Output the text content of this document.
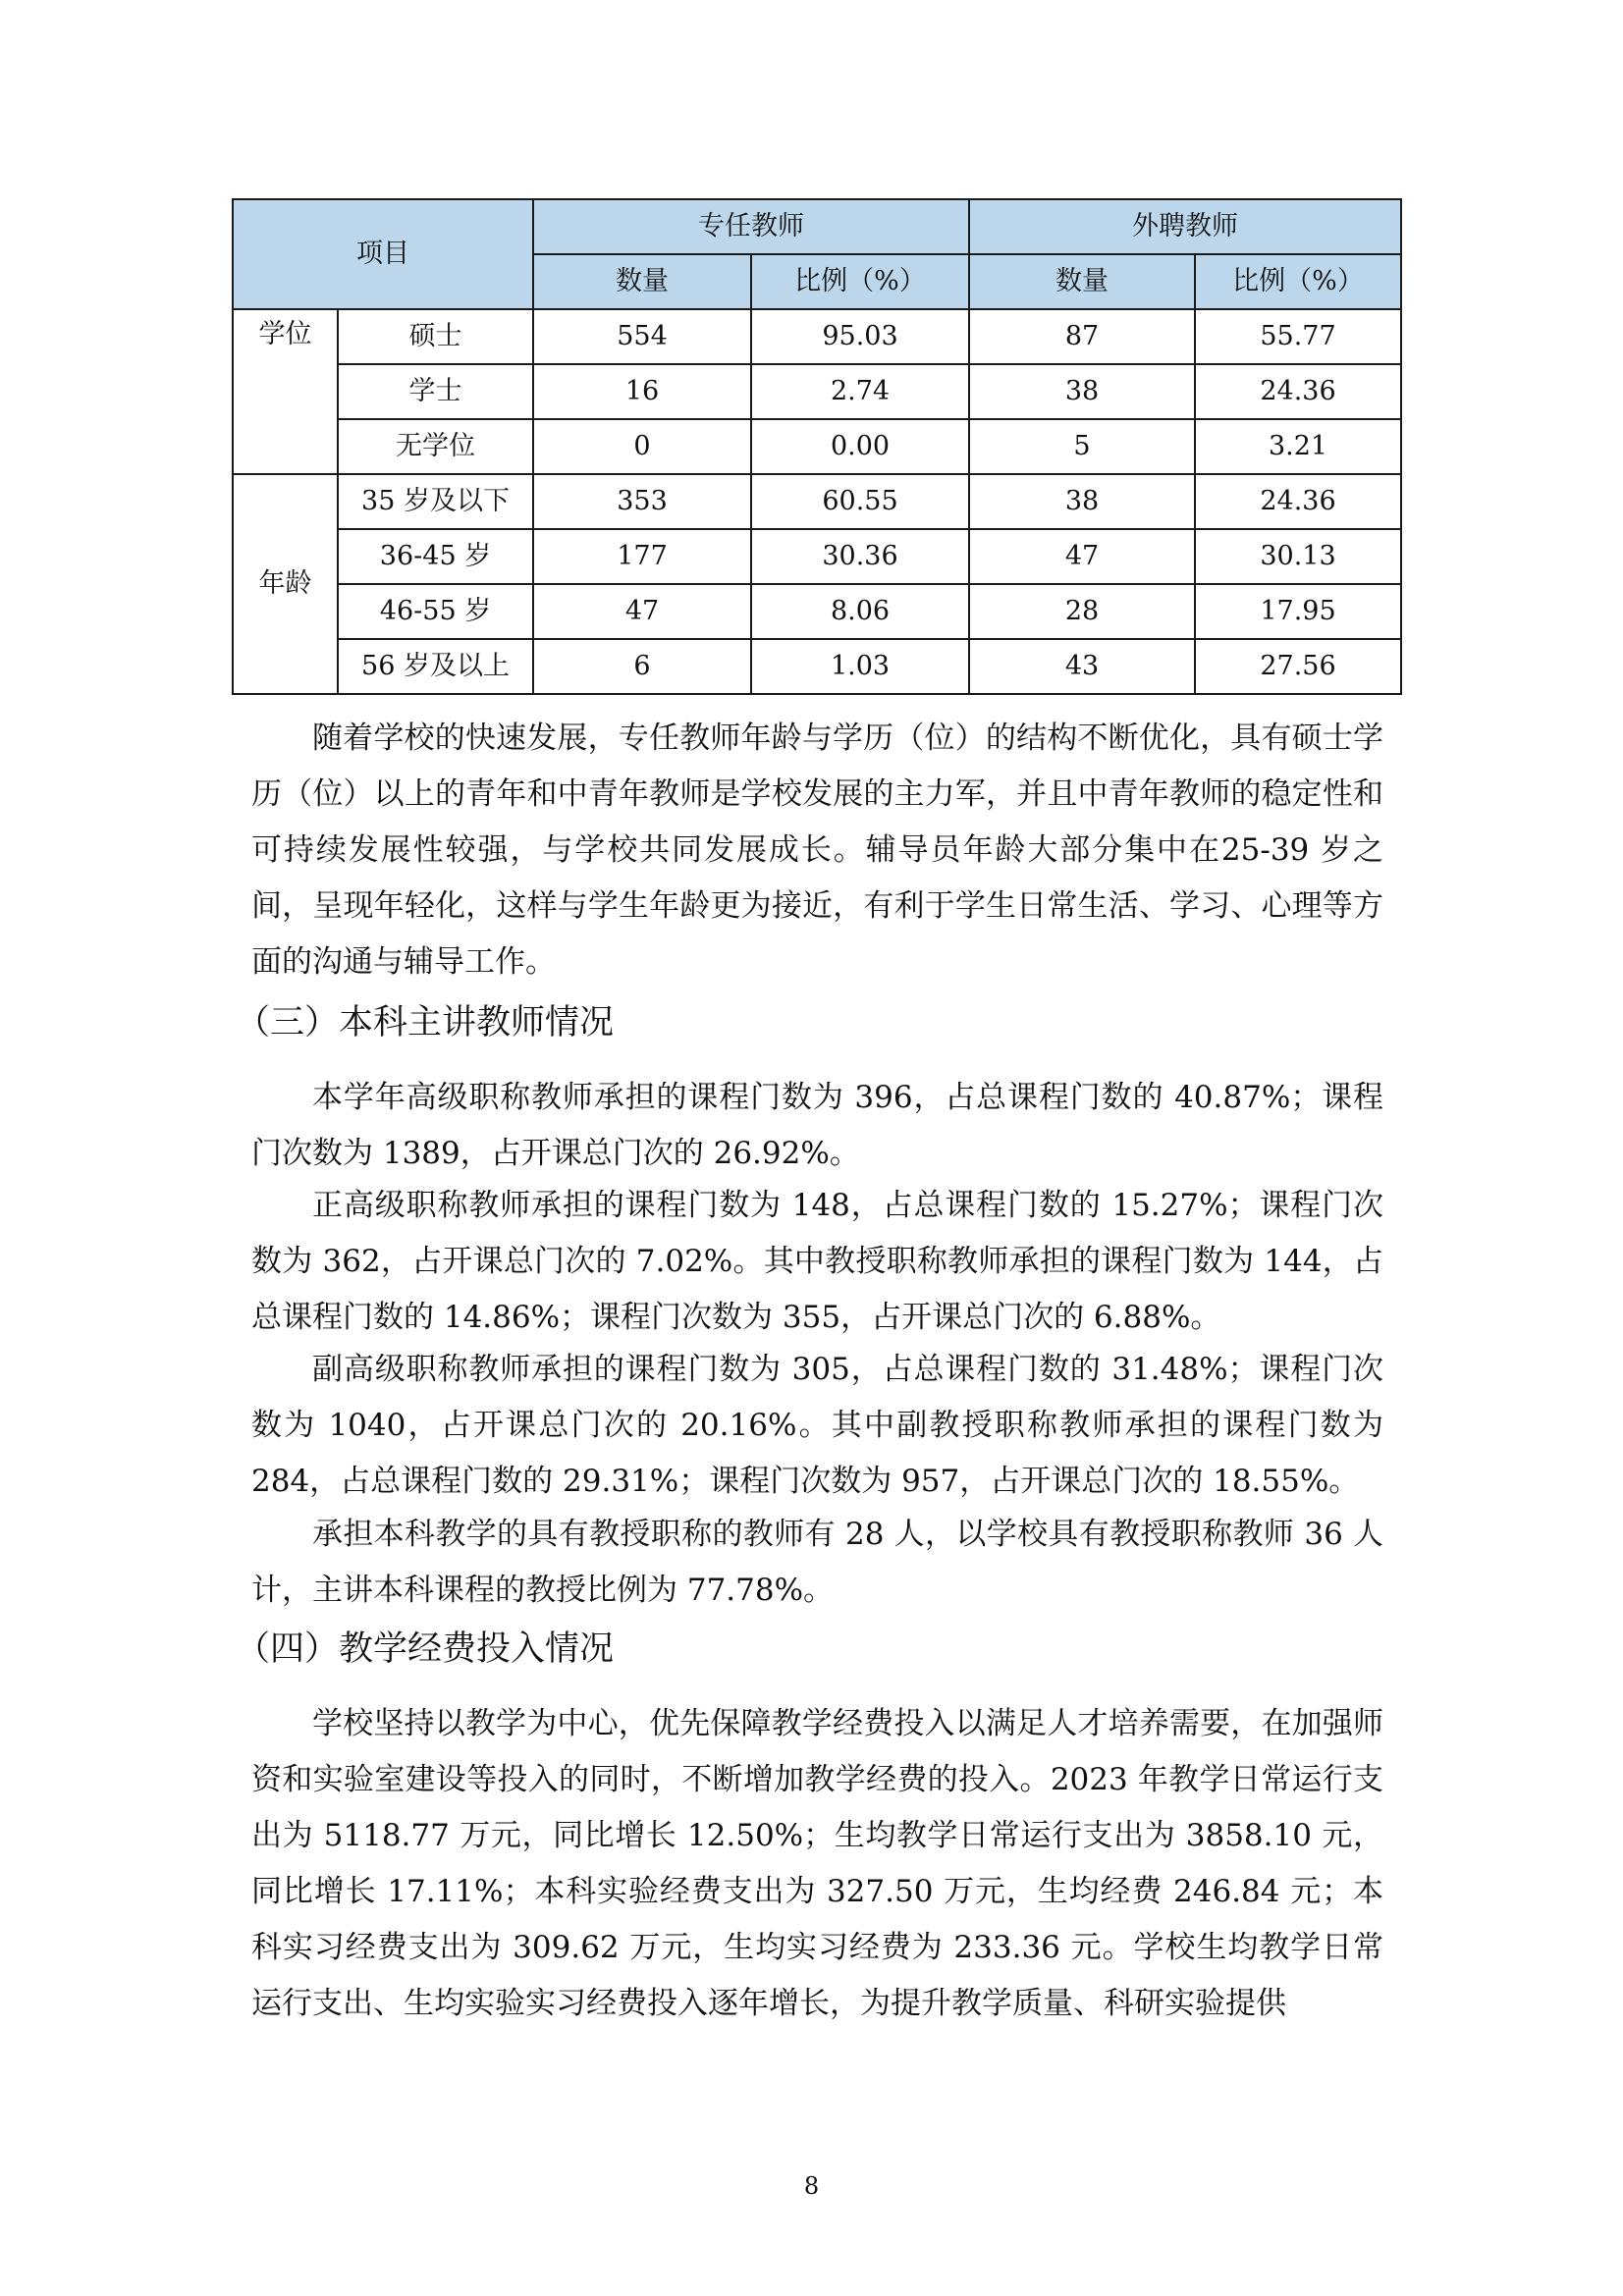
项目		专任教师		外聘教师	
		数量	比例（%）	数量	比例（%）
学位	硕士	554	95.03	87	55.77
	学士	16	2.74	38	24.36
	无学位	0	0.00	5	3.21
年龄	35 岁及以下	353	60.55	38	24.36
	36-45 岁	177	30.36	47	30.13
	46-55 岁	47	8.06	28	17.95
	56 岁及以上	6	1.03	43	27.56

随着学校的快速发展，专任教师年龄与学历（位）的结构不断优化，具有硕士学历（位）以上的青年和中青年教师是学校发展的主力军，并且中青年教师的稳定性和可持续发展性较强，与学校共同发展成长。辅导员年龄大部分集中在25-39 岁之间，呈现年轻化，这样与学生年龄更为接近，有利于学生日常生活、学习、心理等方面的沟通与辅导工作。

（三）本科主讲教师情况

本学年高级职称教师承担的课程门数为 396，占总课程门数的 40.87%；课程门次数为 1389，占开课总门次的 26.92%。

正高级职称教师承担的课程门数为 148，占总课程门数的 15.27%；课程门次数为 362，占开课总门次的 7.02%。其中教授职称教师承担的课程门数为 144，占总课程门数的 14.86%；课程门次数为 355，占开课总门次的 6.88%。

副高级职称教师承担的课程门数为 305，占总课程门数的 31.48%；课程门次数为 1040，占开课总门次的 20.16%。其中副教授职称教师承担的课程门数为 284，占总课程门数的 29.31%；课程门次数为 957，占开课总门次的 18.55%。

承担本科教学的具有教授职称的教师有 28 人，以学校具有教授职称教师 36 人计，主讲本科课程的教授比例为 77.78%。

（四）教学经费投入情况

学校坚持以教学为中心，优先保障教学经费投入以满足人才培养需要，在加强师资和实验室建设等投入的同时，不断增加教学经费的投入。2023 年教学日常运行支出为 5118.77 万元，同比增长 12.50%；生均教学日常运行支出为 3858.10 元，同比增长 17.11%；本科实验经费支出为 327.50 万元，生均经费 246.84 元；本科实习经费支出为 309.62 万元，生均实习经费为 233.36 元。学校生均教学日常运行支出、生均实验实习经费投入逐年增长，为提升教学质量、科研实验提供

8
